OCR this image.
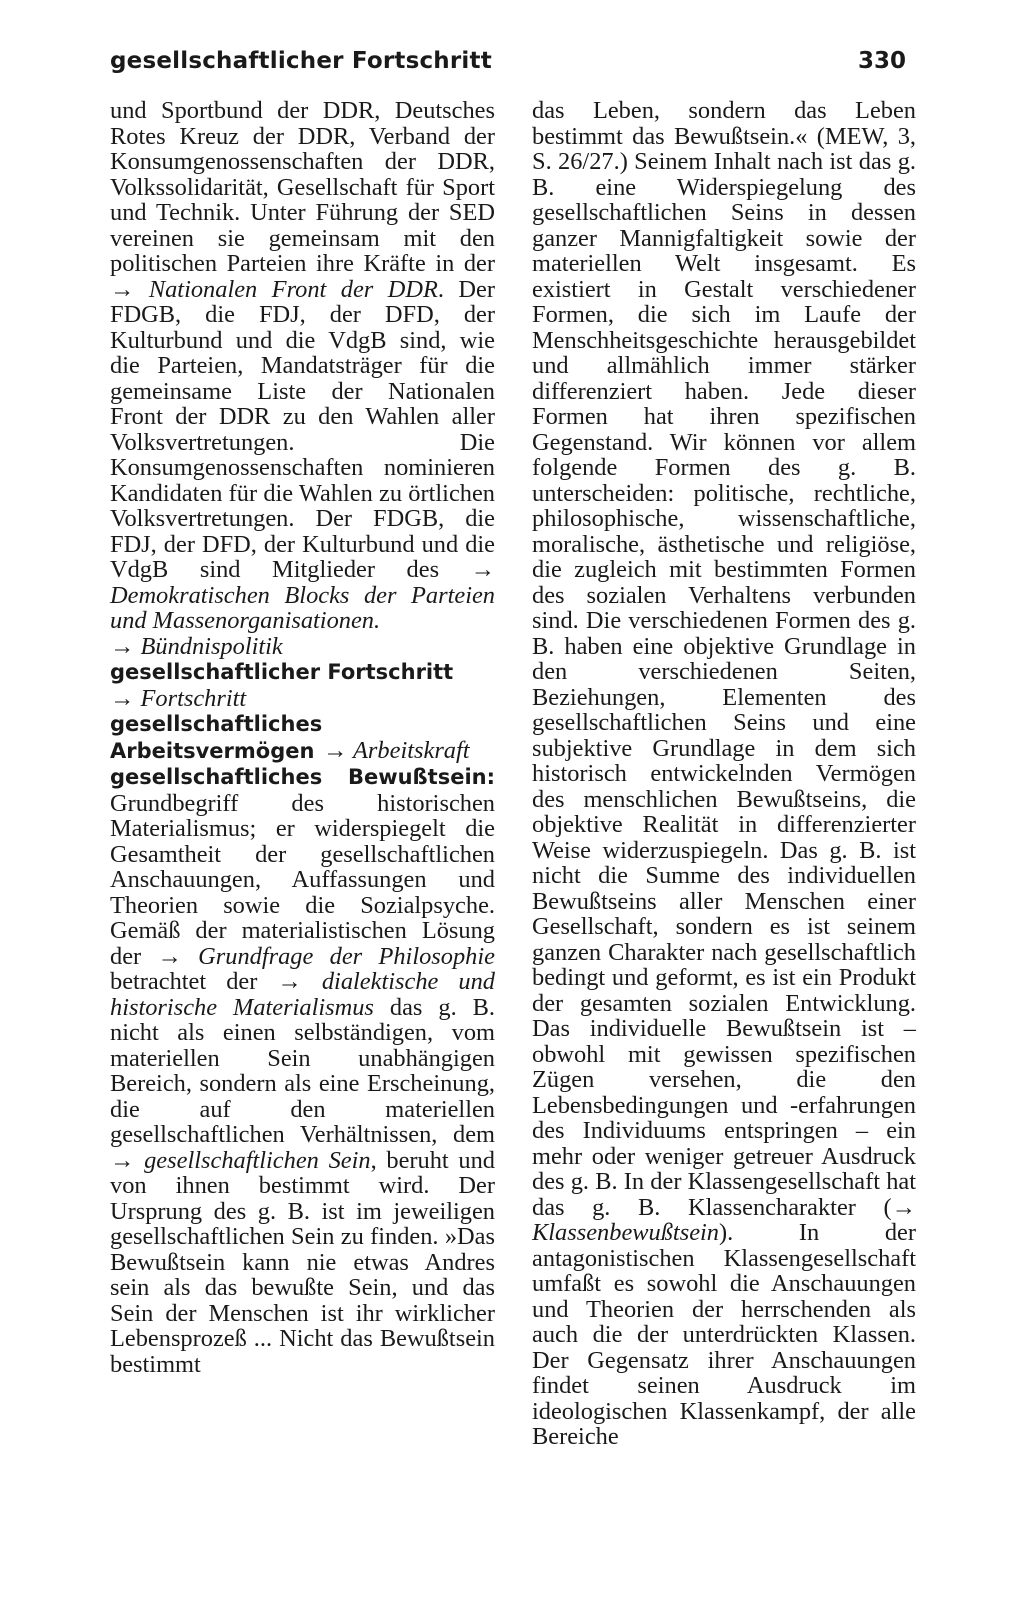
gesellschaftlicher Fortschritt	330

und Sportbund der DDR, Deutsches Rotes Kreuz der DDR, Verband der Konsumgenossenschaften der DDR, Volkssolidarität, Gesellschaft für Sport und Technik. Unter Führung der SED vereinen sie gemeinsam mit den politischen Parteien ihre Kräfte in der → Nationalen Front der DDR. Der FDGB, die FDJ, der DFD, der Kulturbund und die VdgB sind, wie die Parteien, Mandatsträger für die gemeinsame Liste der Nationalen Front der DDR zu den Wahlen aller Volksvertretungen. Die Konsumgenossenschaften nominieren Kandidaten für die Wahlen zu örtlichen Volksvertretungen. Der FDGB, die FDJ, der DFD, der Kulturbund und die VdgB sind Mitglieder des → Demokratischen Blocks der Parteien und Massenorganisationen.
→ Bündnispolitik

gesellschaftlicher Fortschritt
→ Fortschritt

gesellschaftliches Arbeitsvermögen → Arbeitskraft

gesellschaftliches Bewußtsein: Grundbegriff des historischen Materialismus; er widerspiegelt die Gesamtheit der gesellschaftlichen Anschauungen, Auffassungen und Theorien sowie die Sozialpsyche. Gemäß der materialistischen Lösung der → Grundfrage der Philosophie betrachtet der → dialektische und historische Materialismus das g. B. nicht als einen selbständigen, vom materiellen Sein unabhängigen Bereich, sondern als eine Erscheinung, die auf den materiellen gesellschaftlichen Verhältnissen, dem → gesellschaftlichen Sein, beruht und von ihnen bestimmt wird. Der Ursprung des g. B. ist im jeweiligen gesellschaftlichen Sein zu finden. »Das Bewußtsein kann nie etwas Andres sein als das bewußte Sein, und das Sein der Menschen ist ihr wirklicher Lebensprozeß ... Nicht das Bewußtsein bestimmt

das Leben, sondern das Leben bestimmt das Bewußtsein.« (MEW, 3, S. 26/27.) Seinem Inhalt nach ist das g. B. eine Widerspiegelung des gesellschaftlichen Seins in dessen ganzer Mannigfaltigkeit sowie der materiellen Welt insgesamt. Es existiert in Gestalt verschiedener Formen, die sich im Laufe der Menschheitsgeschichte herausgebildet und allmählich immer stärker differenziert haben. Jede dieser Formen hat ihren spezifischen Gegenstand. Wir können vor allem folgende Formen des g. B. unterscheiden: politische, rechtliche, philosophische, wissenschaftliche, moralische, ästhetische und religiöse, die zugleich mit bestimmten Formen des sozialen Verhaltens verbunden sind. Die verschiedenen Formen des g. B. haben eine objektive Grundlage in den verschiedenen Seiten, Beziehungen, Elementen des gesellschaftlichen Seins und eine subjektive Grundlage in dem sich historisch entwickelnden Vermögen des menschlichen Bewußtseins, die objektive Realität in differenzierter Weise widerzuspiegeln. Das g. B. ist nicht die Summe des individuellen Bewußtseins aller Menschen einer Gesellschaft, sondern es ist seinem ganzen Charakter nach gesellschaftlich bedingt und geformt, es ist ein Produkt der gesamten sozialen Entwicklung. Das individuelle Bewußtsein ist – obwohl mit gewissen spezifischen Zügen versehen, die den Lebensbedingungen und -erfahrungen des Individuums entspringen – ein mehr oder weniger getreuer Ausdruck des g. B. In der Klassengesellschaft hat das g. B. Klassencharakter (→ Klassenbewußtsein). In der antagonistischen Klassengesellschaft umfaßt es sowohl die Anschauungen und Theorien der herrschenden als auch die der unterdrückten Klassen. Der Gegensatz ihrer Anschauungen findet seinen Ausdruck im ideologischen Klassenkampf, der alle Bereiche
